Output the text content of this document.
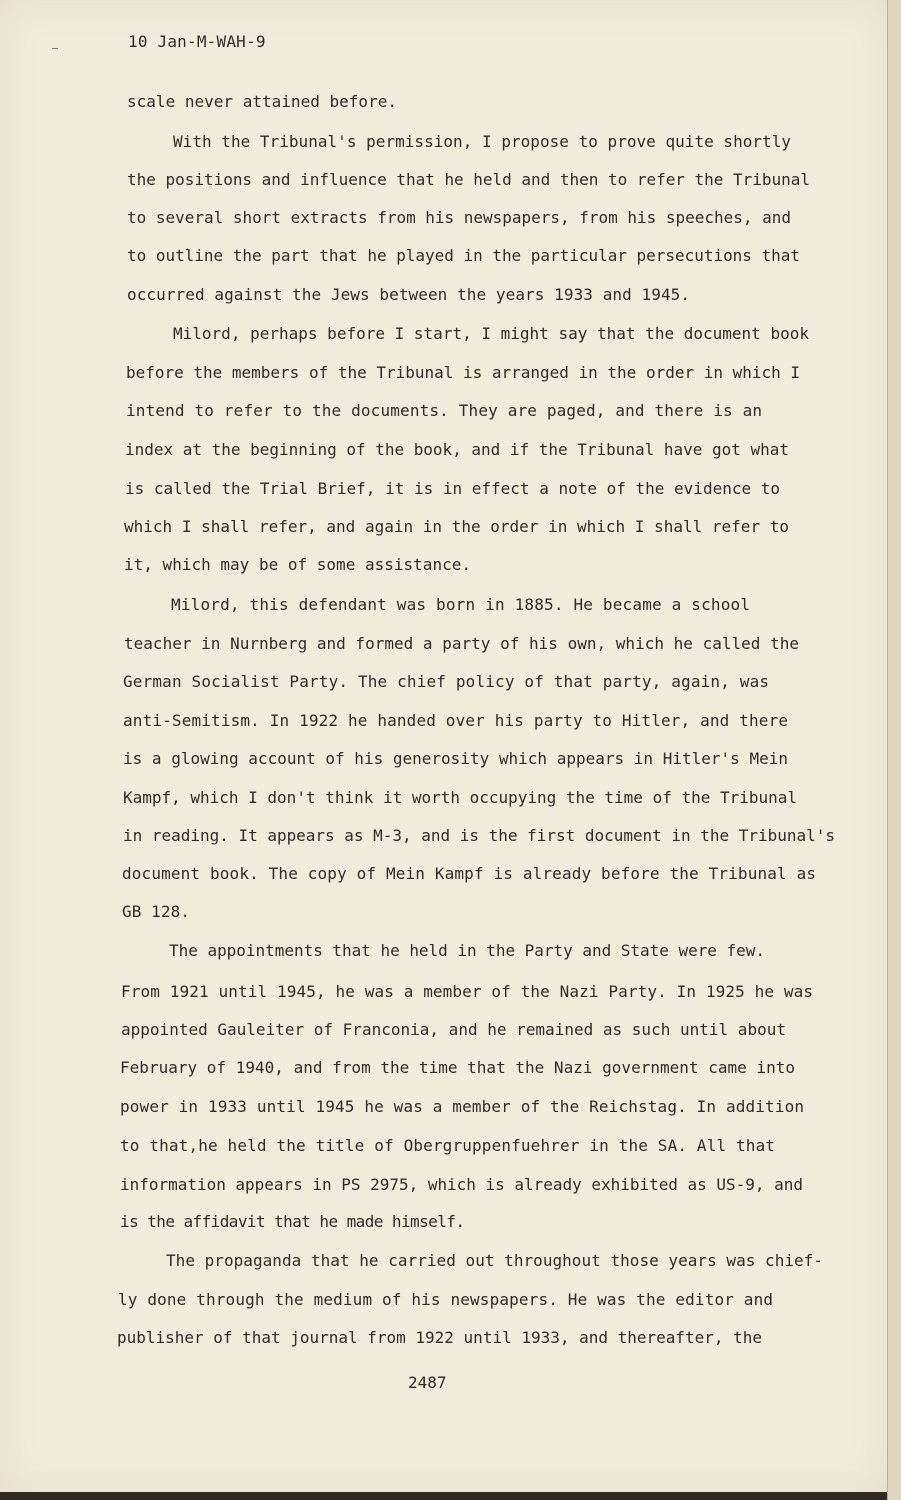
10 Jan-M-WAH-9
scale never attained before.
With the Tribunal's permission, I propose to prove quite shortly
the positions and influence that he held and then to refer the Tribunal
to several short extracts from his newspapers, from his speeches, and
to outline the part that he played in the particular persecutions that
occurred against the Jews between the years 1933 and 1945.
Milord, perhaps before I start, I might say that the document book
before the members of the Tribunal is arranged in the order in which I
intend to refer to the documents. They are paged, and there is an
index at the beginning of the book, and if the Tribunal have got what
is called the Trial Brief, it is in effect a note of the evidence to
which I shall refer, and again in the order in which I shall refer to
it, which may be of some assistance.
Milord, this defendant was born in 1885. He became a school
teacher in Nurnberg and formed a party of his own, which he called the
German Socialist Party. The chief policy of that party, again, was
anti-Semitism. In 1922 he handed over his party to Hitler, and there
is a glowing account of his generosity which appears in Hitler's Mein
Kampf, which I don't think it worth occupying the time of the Tribunal
in reading. It appears as M-3, and is the first document in the Tribunal's
document book. The copy of Mein Kampf is already before the Tribunal as
GB 128.
The appointments that he held in the Party and State were few.
From 1921 until 1945, he was a member of the Nazi Party. In 1925 he was
appointed Gauleiter of Franconia, and he remained as such until about
February of 1940, and from the time that the Nazi government came into
power in 1933 until 1945 he was a member of the Reichstag. In addition
to that,he held the title of Obergruppenfuehrer in the SA. All that
information appears in PS 2975, which is already exhibited as US-9, and
is the affidavit that he made himself.
The propaganda that he carried out throughout those years was chief-
ly done through the medium of his newspapers. He was the editor and
publisher of that journal from 1922 until 1933, and thereafter, the
2487
